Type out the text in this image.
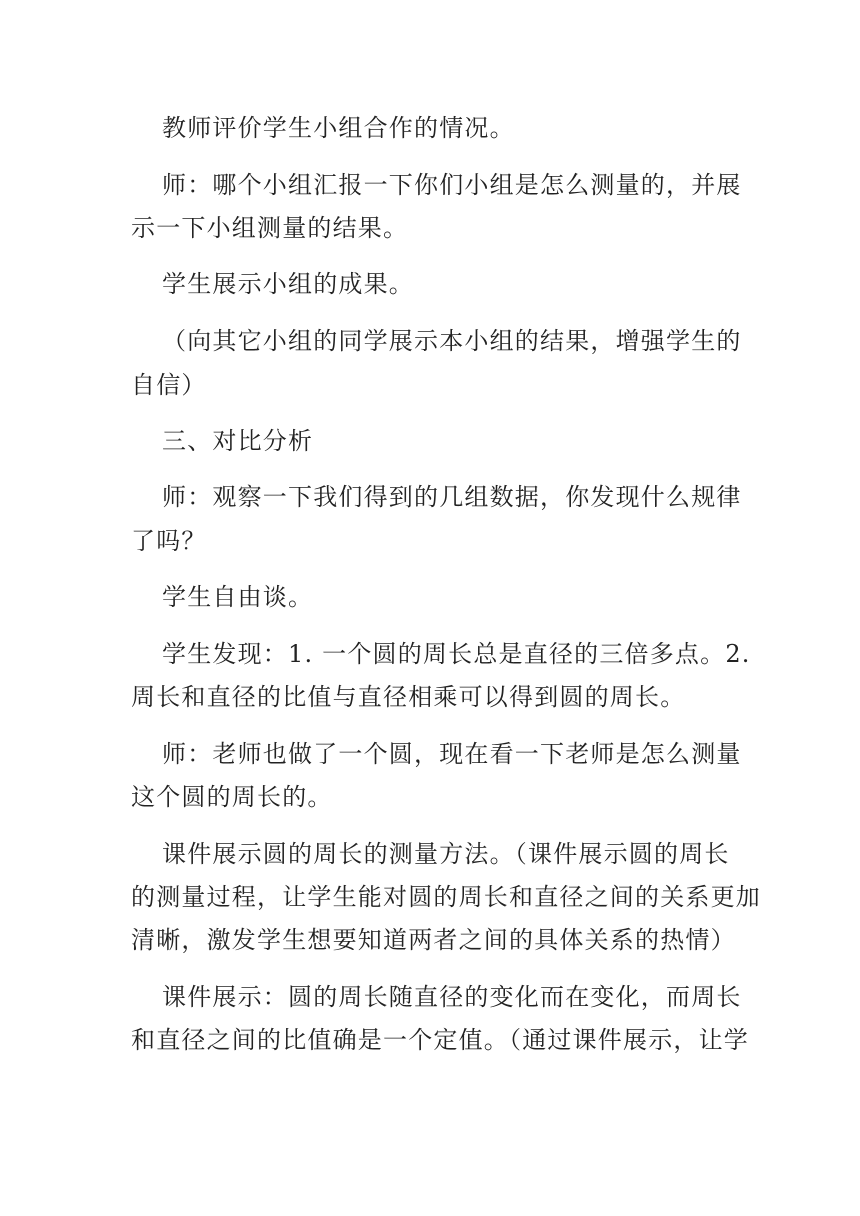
教师评价学生小组合作的情况。
师：哪个小组汇报一下你们小组是怎么测量的，并展
示一下小组测量的结果。
学生展示小组的成果。
（向其它小组的同学展示本小组的结果，增强学生的
自信）
三、对比分析
师：观察一下我们得到的几组数据，你发现什么规律
了吗？
学生自由谈。
学生发现：1. 一个圆的周长总是直径的三倍多点。2.
周长和直径的比值与直径相乘可以得到圆的周长。
师：老师也做了一个圆，现在看一下老师是怎么测量
这个圆的周长的。
课件展示圆的周长的测量方法。（课件展示圆的周长
的测量过程，让学生能对圆的周长和直径之间的关系更加
清晰，激发学生想要知道两者之间的具体关系的热情）
课件展示：圆的周长随直径的变化而在变化，而周长
和直径之间的比值确是一个定值。（通过课件展示，让学
